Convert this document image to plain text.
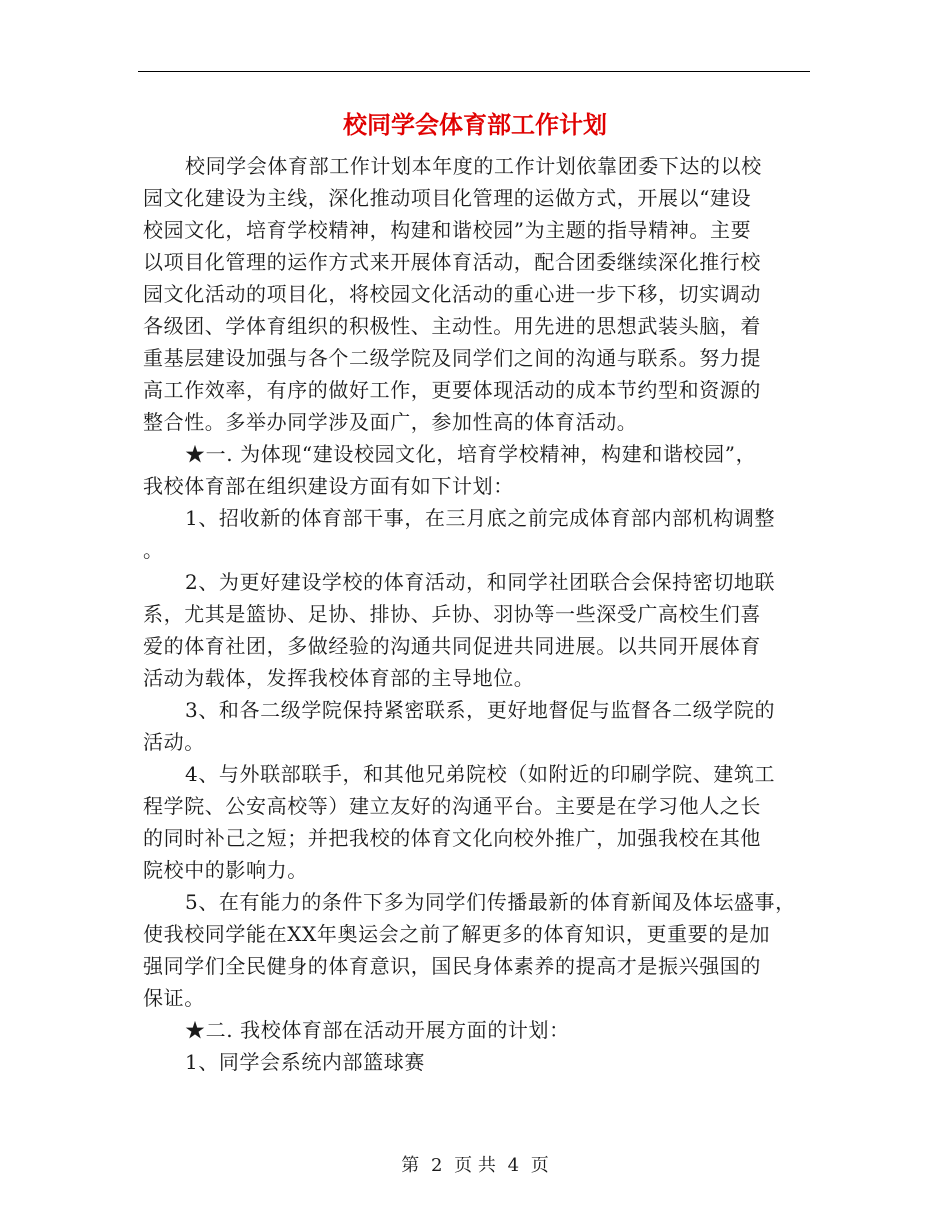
校同学会体育部工作计划
校同学会体育部工作计划本年度的工作计划依靠团委下达的以校
园文化建设为主线，深化推动项目化管理的运做方式，开展以“建设
校园文化，培育学校精神，构建和谐校园”为主题的指导精神。主要
以项目化管理的运作方式来开展体育活动，配合团委继续深化推行校
园文化活动的项目化，将校园文化活动的重心进一步下移，切实调动
各级团、学体育组织的积极性、主动性。用先进的思想武装头脑，着
重基层建设加强与各个二级学院及同学们之间的沟通与联系。努力提
高工作效率，有序的做好工作，更要体现活动的成本节约型和资源的
整合性。多举办同学涉及面广，参加性高的体育活动。
★一. 为体现“建设校园文化，培育学校精神，构建和谐校园”，
我校体育部在组织建设方面有如下计划：
1、招收新的体育部干事，在三月底之前完成体育部内部机构调整
。
2、为更好建设学校的体育活动，和同学社团联合会保持密切地联
系，尤其是篮协、足协、排协、乒协、羽协等一些深受广高校生们喜
爱的体育社团，多做经验的沟通共同促进共同进展。以共同开展体育
活动为载体，发挥我校体育部的主导地位。
3、和各二级学院保持紧密联系，更好地督促与监督各二级学院的
活动。
4、与外联部联手，和其他兄弟院校（如附近的印刷学院、建筑工
程学院、公安高校等）建立友好的沟通平台。主要是在学习他人之长
的同时补己之短；并把我校的体育文化向校外推广，加强我校在其他
院校中的影响力。
5、在有能力的条件下多为同学们传播最新的体育新闻及体坛盛事，
使我校同学能在XX年奥运会之前了解更多的体育知识，更重要的是加
强同学们全民健身的体育意识，国民身体素养的提高才是振兴强国的
保证。
★二. 我校体育部在活动开展方面的计划：
1、同学会系统内部篮球赛
第 2 页 共 4 页
